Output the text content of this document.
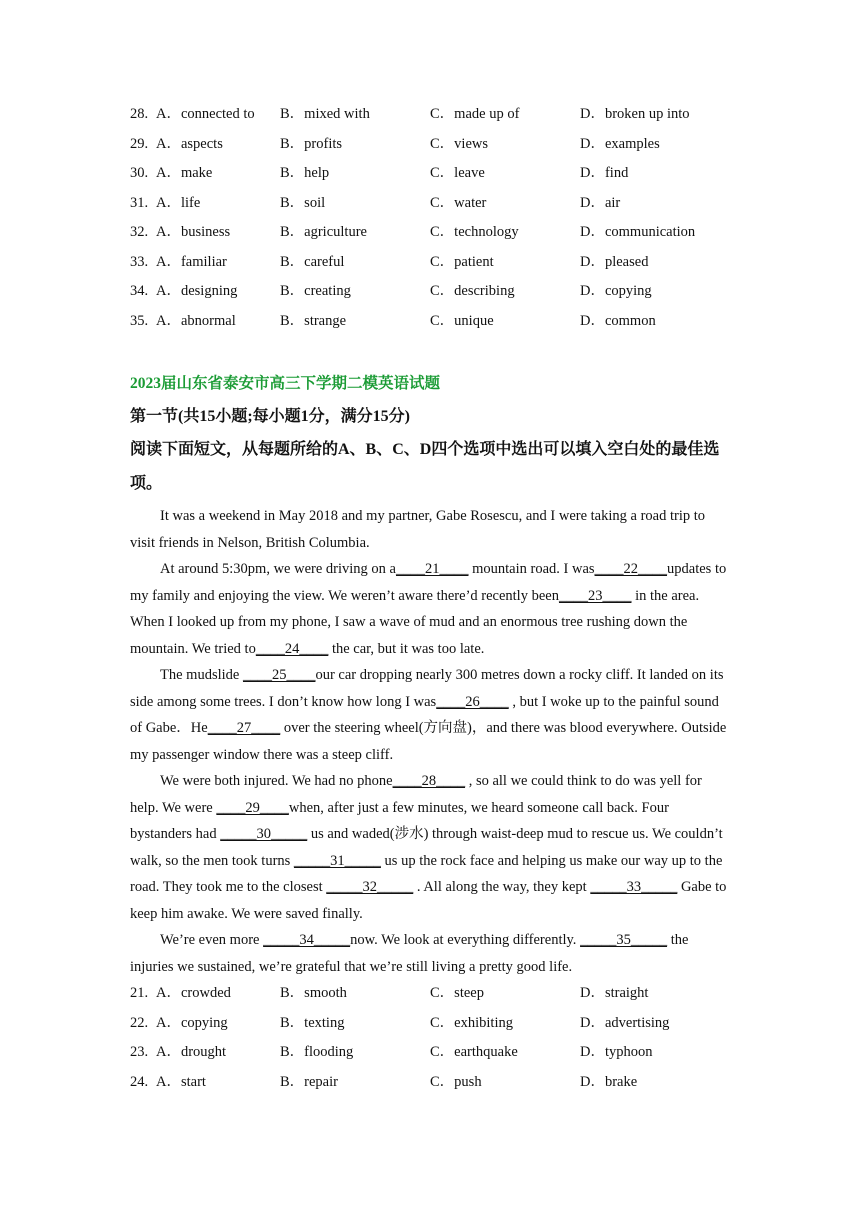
28. A．connected to B．mixed with	C．made up of	D．broken up into
29. A．aspects	B．profits	C．views	D．examples
30. A．make	B．help	C．leave	D．find
31. A．life	B．soil	C．water	D．air
32. A．business	B．agriculture	C．technology	D．communication
33. A．familiar	B．careful	C．patient	D．pleased
34. A．designing	B．creating	C．describing	D．copying
35. A．abnormal	B．strange	C．unique	D．common
2023届山东省泰安市高三下学期二模英语试题
第一节(共15小题;每小题1分，满分15分)
阅读下面短文，从每题所给的A、B、C、D四个选项中选出可以填入空白处的最佳选项。

It was a weekend in May 2018 and my partner, Gabe Rosescu, and I were taking a road trip to visit friends in Nelson, British Columbia.

At around 5:30pm, we were driving on a____21____ mountain road. I was____22____updates to my family and enjoying the view. We weren’t aware there’d recently been____23____ in the area. When I looked up from my phone, I saw a wave of mud and an enormous tree rushing down the mountain. We tried to____24____ the car, but it was too late.

The mudslide ____25____our car dropping nearly 300 metres down a rocky cliff. It landed on its side among some trees. I don’t know how long I was____26____ , but I woke up to the painful sound of Gabe．He____27____ over the steering wheel(方向盘)，and there was blood everywhere. Outside my passenger window there was a steep cliff.

We were both injured. We had no phone____28____ , so all we could think to do was yell for help. We were ____29____when, after just a few minutes, we heard someone call back. Four bystanders had _____30_____ us and waded(涉水) through waist-deep mud to rescue us. We couldn’t walk, so the men took turns _____31_____ us up the rock face and helping us make our way up to the road. They took me to the closest _____32_____ . All along the way, they kept _____33_____ Gabe to keep him awake. We were saved finally.

We’re even more _____34_____now. We look at everything differently. _____35_____ the injuries we sustained, we’re grateful that we’re still living a pretty good life.

21. A．crowded	B．smooth	C．steep	D．straight
22. A．copying	B．texting	C．exhibiting	D．advertising
23. A．drought	B．flooding	C．earthquake	D．typhoon
24. A．start	B．repair	C．push	D．brake
